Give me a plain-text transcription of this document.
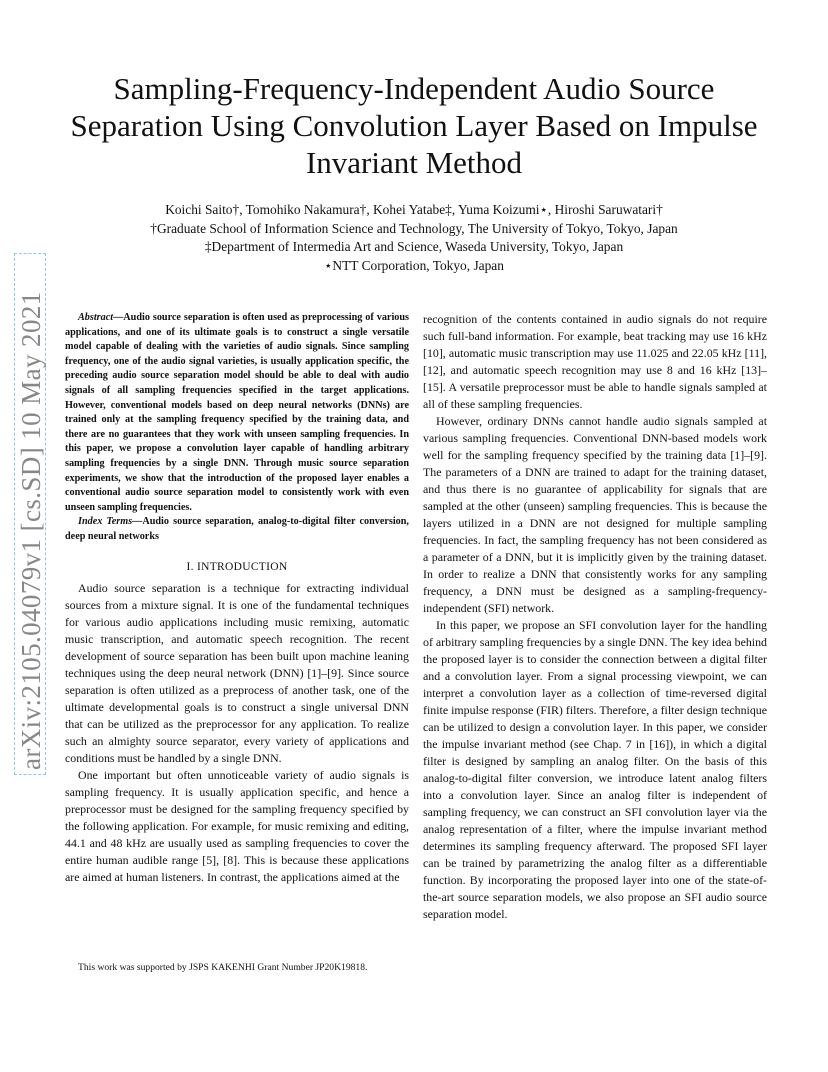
arXiv:2105.04079v1 [cs.SD] 10 May 2021
Sampling-Frequency-Independent Audio Source Separation Using Convolution Layer Based on Impulse Invariant Method
Koichi Saito†, Tomohiko Nakamura†, Kohei Yatabe‡, Yuma Koizumi⋆, Hiroshi Saruwatari†
†Graduate School of Information Science and Technology, The University of Tokyo, Tokyo, Japan
‡Department of Intermedia Art and Science, Waseda University, Tokyo, Japan
⋆NTT Corporation, Tokyo, Japan

Abstract—Audio source separation is often used as preprocessing of various applications, and one of its ultimate goals is to construct a single versatile model capable of dealing with the varieties of audio signals. Since sampling frequency, one of the audio signal varieties, is usually application specific, the preceding audio source separation model should be able to deal with audio signals of all sampling frequencies specified in the target applications. However, conventional models based on deep neural networks (DNNs) are trained only at the sampling frequency specified by the training data, and there are no guarantees that they work with unseen sampling frequencies. In this paper, we propose a convolution layer capable of handling arbitrary sampling frequencies by a single DNN. Through music source separation experiments, we show that the introduction of the proposed layer enables a conventional audio source separation model to consistently work with even unseen sampling frequencies.

Index Terms—Audio source separation, analog-to-digital filter conversion, deep neural networks

I. INTRODUCTION

Audio source separation is a technique for extracting individual sources from a mixture signal. It is one of the fundamental techniques for various audio applications including music remixing, automatic music transcription, and automatic speech recognition. The recent development of source separation has been built upon machine leaning techniques using the deep neural network (DNN) [1]–[9]. Since source separation is often utilized as a preprocess of another task, one of the ultimate developmental goals is to construct a single universal DNN that can be utilized as the preprocessor for any application. To realize such an almighty source separator, every variety of applications and conditions must be handled by a single DNN.

One important but often unnoticeable variety of audio signals is sampling frequency. It is usually application specific, and hence a preprocessor must be designed for the sampling frequency specified by the following application. For example, for music remixing and editing, 44.1 and 48 kHz are usually used as sampling frequencies to cover the entire human audible range [5], [8]. This is because these applications are aimed at human listeners. In contrast, the applications aimed at the

This work was supported by JSPS KAKENHI Grant Number JP20K19818.

recognition of the contents contained in audio signals do not require such full-band information. For example, beat tracking may use 16 kHz [10], automatic music transcription may use 11.025 and 22.05 kHz [11], [12], and automatic speech recognition may use 8 and 16 kHz [13]–[15]. A versatile preprocessor must be able to handle signals sampled at all of these sampling frequencies.

However, ordinary DNNs cannot handle audio signals sampled at various sampling frequencies. Conventional DNN-based models work well for the sampling frequency specified by the training data [1]–[9]. The parameters of a DNN are trained to adapt for the training dataset, and thus there is no guarantee of applicability for signals that are sampled at the other (unseen) sampling frequencies. This is because the layers utilized in a DNN are not designed for multiple sampling frequencies. In fact, the sampling frequency has not been considered as a parameter of a DNN, but it is implicitly given by the training dataset. In order to realize a DNN that consistently works for any sampling frequency, a DNN must be designed as a sampling-frequency-independent (SFI) network.

In this paper, we propose an SFI convolution layer for the handling of arbitrary sampling frequencies by a single DNN. The key idea behind the proposed layer is to consider the connection between a digital filter and a convolution layer. From a signal processing viewpoint, we can interpret a convolution layer as a collection of time-reversed digital finite impulse response (FIR) filters. Therefore, a filter design technique can be utilized to design a convolution layer. In this paper, we consider the impulse invariant method (see Chap. 7 in [16]), in which a digital filter is designed by sampling an analog filter. On the basis of this analog-to-digital filter conversion, we introduce latent analog filters into a convolution layer. Since an analog filter is independent of sampling frequency, we can construct an SFI convolution layer via the analog representation of a filter, where the impulse invariant method determines its sampling frequency afterward. The proposed SFI layer can be trained by parametrizing the analog filter as a differentiable function. By incorporating the proposed layer into one of the state-of-the-art source separation models, we also propose an SFI audio source separation model.
